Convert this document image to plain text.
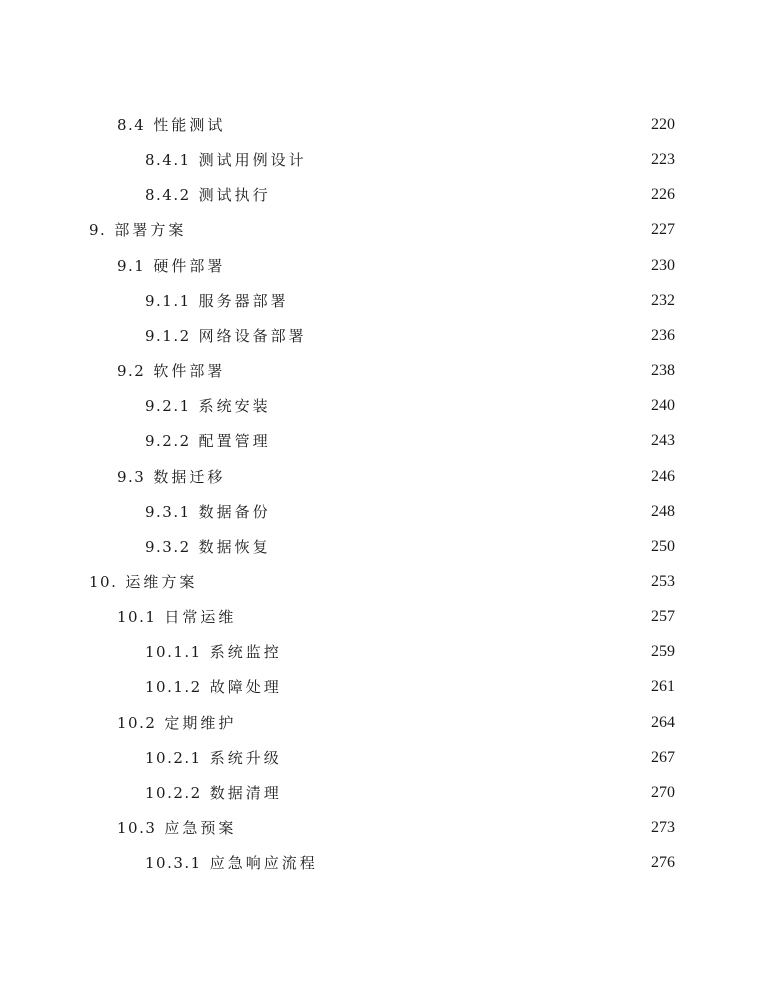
8.4 性能测试	220
8.4.1 测试用例设计	223
8.4.2 测试执行	226
9. 部署方案	227
9.1 硬件部署	230
9.1.1 服务器部署	232
9.1.2 网络设备部署	236
9.2 软件部署	238
9.2.1 系统安装	240
9.2.2 配置管理	243
9.3 数据迁移	246
9.3.1 数据备份	248
9.3.2 数据恢复	250
10. 运维方案	253
10.1 日常运维	257
10.1.1 系统监控	259
10.1.2 故障处理	261
10.2 定期维护	264
10.2.1 系统升级	267
10.2.2 数据清理	270
10.3 应急预案	273
10.3.1 应急响应流程	276
